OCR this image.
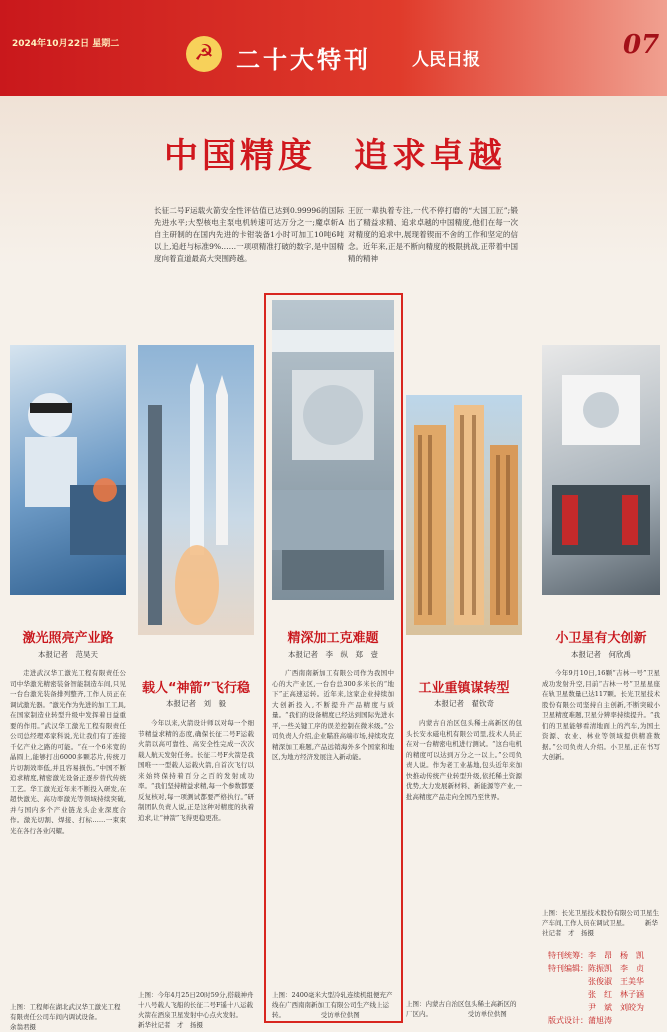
2024年10月22日 星期二	☭ 二十大特刊 人民日报	07
中国精度　追求卓越
长征二号F运载火箭安全性评估值已达到0.99996的国际先进水平;大型核电主泵电机转速可达万分之一;魔卓斩A自主研制的在国内先进的卡钳装备1小时可加工10吨6吨以上,追赶与标准9%……一项项精准打破的数字,是中国精度向着直道最高大突围跨越。
王匠一辈执着专注,一代不停打磨的“大国工匠”;锻出了精益求精、追求卓越的中国精度,他们在每一次对精度的追求中,展现着锲而不舍的工作和坚定的信念。近年来,正是不断向精度的极限挑战,正带着中国精的精神
激光照亮产业路
本报记者　范昊天
走进武汉华工激光工程有限责任公司中华激光精密装备智能制造车间,只见一台台激光装备排列整齐,工作人员正在调试激光器。“激光作为先进的加工工具,在国家制造业转型升级中发挥着日益重要的作用。”武汉华工激光工程有限责任公司总经理邓家科说,光让我们有了连接千亿产业之路的可能。“在一个6米宽的晶圆上,能够打出6000多颗芯片,传统刀片切割效率低,并且容易损伤。”中国不断追求精度,精密激光设备正逐步替代传统工艺。华工激光近年来不断投入研发,在超快激光、高功率激光等领域持续突破,并与国内多个产业链龙头企业深度合作。激光切割、焊接、打标……一束束光在各行各业闪耀。
上图：工程师在湖北武汉华工激光工程有限责任公司车间内调试设备。　　　　　余翁君摄
载人“神箭”飞行稳
本报记者　刘　毅
今年以来,火箭设计师以对每一个细节精益求精的态度,确保长征二号F运载火箭以高可靠性、高安全性完成一次次载人航天发射任务。长征二号F火箭是我国唯一一型载人运载火箭,自首次飞行以来始终保持着百分之百的发射成功率。“我们坚持精益求精,每一个参数都要反复核对,每一项测试都要严格执行。”研制团队负责人说,正是这种对精度的执着追求,让“神箭”飞得更稳更准。
上图：今年4月25日20时59分,搭载神舟十八号载人飞船的长征二号F遥十八运载火箭在酒泉卫星发射中心点火发射。　　新华社记者　才　扬摄
精深加工克难题
本报记者　李　纵　郑　壹
广西南南新加工有限公司作为我国中心的大产业区,一台台总300多米长的“地下”正高速运转。近年来,这家企业持续加大创新投入,不断提升产品精度与质量。“我们的设备精度已经达到国际先进水平,一些关键工序的误差控制在微米级。”公司负责人介绍,企业瞄准高端市场,持续攻克精深加工难题,产品远销海外多个国家和地区,为地方经济发展注入新动能。
上图：2400毫米大型冷轧连续机组便充产线在广西南南新加工有限公司生产线上运转。　　　　　　受访单位供图
工业重镇谋转型
本报记者　翟钦奇
内蒙古自治区包头稀土高新区的包头长安永磁电机有限公司里,技术人员正在对一台精密电机进行测试。“这台电机的精度可以达到万分之一以上。”公司负责人说。作为老工业基地,包头近年来加快推动传统产业转型升级,依托稀土资源优势,大力发展新材料、新能源等产业,一批高精度产品走向全国乃至世界。
上图：内蒙古自治区包头稀土高新区的厂区内。　　　　　　受访单位供图
小卫星有大创新
本报记者　何欣禹
今年9月10日,16颗“吉林一号”卫星成功发射升空,目前“吉林一号”卫星星座在轨卫星数量已达117颗。长光卫星技术股份有限公司坚持自主创新,不断突破小卫星精度难题,卫星分辨率持续提升。“我们的卫星能够看清地面上的汽车,为国土资源、农业、林业等领域提供精准数据。”公司负责人介绍。小卫星,正在书写大创新。
上图：长光卫星技术股份有限公司卫星生产车间,工作人员在调试卫星。　　　新华社记者　才　扬摄
特刊统筹：李　昂　杨　凯
特刊编辑： 陈振凯　李　贞
张俊淑　王美华
张　红　林子涵
尹　斌　刘皎为
版式设计：蒲旭涛
